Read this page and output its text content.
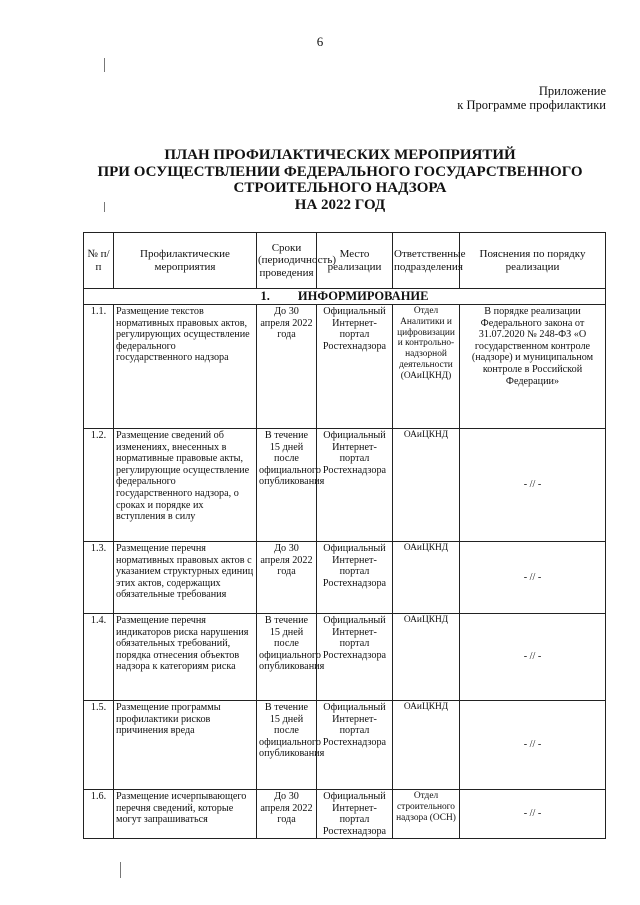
6
Приложение
к Программе профилактики
ПЛАН ПРОФИЛАКТИЧЕСКИХ МЕРОПРИЯТИЙ
ПРИ ОСУЩЕСТВЛЕНИИ ФЕДЕРАЛЬНОГО ГОСУДАРСТВЕННОГО
СТРОИТЕЛЬНОГО НАДЗОРА
НА 2022 ГОД
№ п/п	Профилактические мероприятия	Сроки (периодичность) проведения	Место реализации	Ответственные подразделения	Пояснения по порядку реализации
1. ИНФОРМИРОВАНИЕ					
1.1.	Размещение текстов нормативных правовых актов, регулирующих осуществление федерального государственного надзора	До 30 апреля 2022 года	Официальный Интернет-портал Ростехнадзора	Отдел Аналитики и цифровизации и контрольно-надзорной деятельности (ОАиЦКНД)	В порядке реализации Федерального закона от 31.07.2020 № 248-ФЗ «О государственном контроле (надзоре) и муниципальном контроле в Российской Федерации»
1.2.	Размещение сведений об изменениях, внесенных в нормативные правовые акты, регулирующие осуществление федерального государственного надзора, о сроках и порядке их вступления в силу	В течение 15 дней после официального опубликования	Официальный Интернет-портал Ростехнадзора	ОАиЦКНД	- // -
1.3.	Размещение перечня нормативных правовых актов с указанием структурных единиц этих актов, содержащих обязательные требования	До 30 апреля 2022 года	Официальный Интернет-портал Ростехнадзора	ОАиЦКНД	- // -
1.4.	Размещение перечня индикаторов риска нарушения обязательных требований, порядка отнесения объектов надзора к категориям риска	В течение 15 дней после официального опубликования	Официальный Интернет-портал Ростехнадзора	ОАиЦКНД	- // -
1.5.	Размещение программы профилактики рисков причинения вреда	В течение 15 дней после официального опубликования	Официальный Интернет-портал Ростехнадзора	ОАиЦКНД	- // -
1.6.	Размещение исчерпывающего перечня сведений, которые могут запрашиваться	До 30 апреля 2022 года	Официальный Интернет-портал Ростехнадзора	Отдел строительного надзора (ОСН)	- // -
